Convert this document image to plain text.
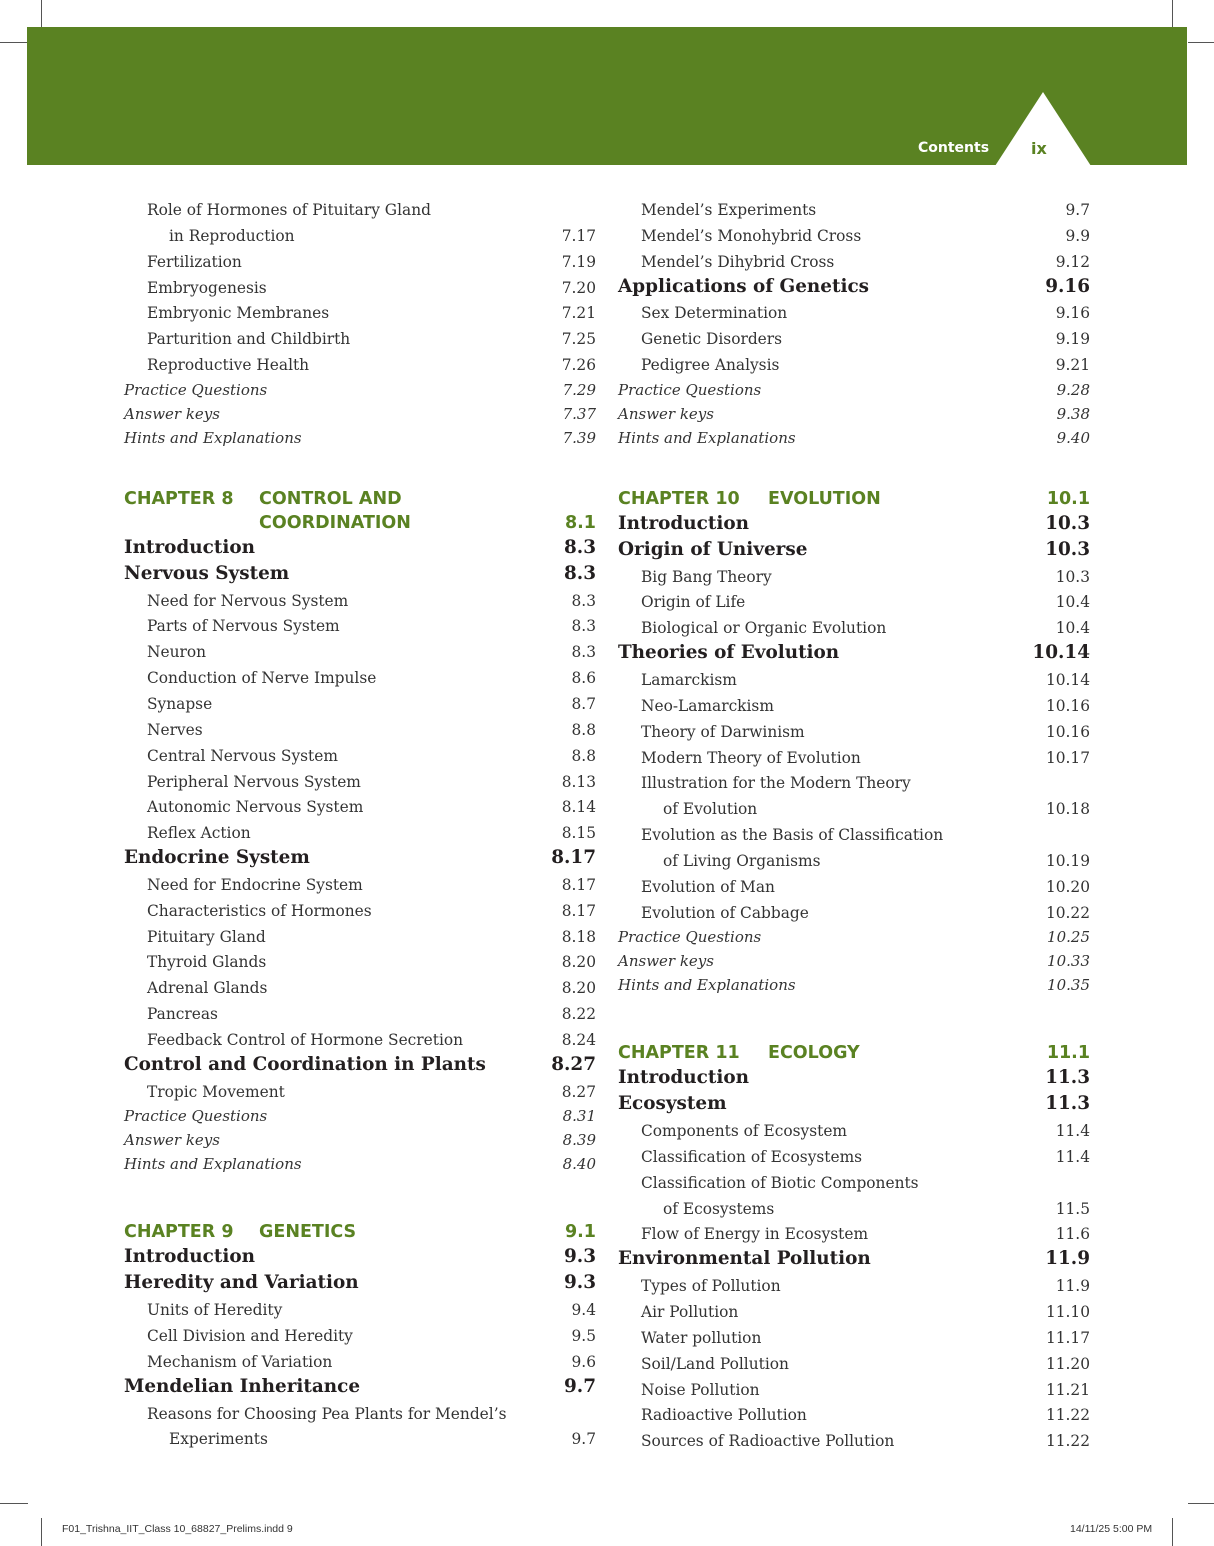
Contents	ix
Role of Hormones of Pituitary Gland
in Reproduction	7.17
Fertilization	7.19
Embryogenesis	7.20
Embryonic Membranes	7.21
Parturition and Childbirth	7.25
Reproductive Health	7.26
Practice Questions	7.29
Answer keys	7.37
Hints and Explanations	7.39
CHAPTER 8 CONTROL AND
COORDINATION	8.1
Introduction	8.3
Nervous System	8.3
Need for Nervous System	8.3
Parts of Nervous System	8.3
Neuron	8.3
Conduction of Nerve Impulse	8.6
Synapse	8.7
Nerves	8.8
Central Nervous System	8.8
Peripheral Nervous System	8.13
Autonomic Nervous System	8.14
Reflex Action	8.15
Endocrine System	8.17
Need for Endocrine System	8.17
Characteristics of Hormones	8.17
Pituitary Gland	8.18
Thyroid Glands	8.20
Adrenal Glands	8.20
Pancreas	8.22
Feedback Control of Hormone Secretion	8.24
Control and Coordination in Plants	8.27
Tropic Movement	8.27
Practice Questions	8.31
Answer keys	8.39
Hints and Explanations	8.40
CHAPTER 9 GENETICS	9.1
Introduction	9.3
Heredity and Variation	9.3
Units of Heredity	9.4
Cell Division and Heredity	9.5
Mechanism of Variation	9.6
Mendelian Inheritance	9.7
Reasons for Choosing Pea Plants for Mendel’s
Experiments	9.7
Mendel’s Experiments	9.7
Mendel’s Monohybrid Cross	9.9
Mendel’s Dihybrid Cross	9.12
Applications of Genetics	9.16
Sex Determination	9.16
Genetic Disorders	9.19
Pedigree Analysis	9.21
Practice Questions	9.28
Answer keys	9.38
Hints and Explanations	9.40
CHAPTER 10 EVOLUTION	10.1
Introduction	10.3
Origin of Universe	10.3
Big Bang Theory	10.3
Origin of Life	10.4
Biological or Organic Evolution	10.4
Theories of Evolution	10.14
Lamarckism	10.14
Neo-Lamarckism	10.16
Theory of Darwinism	10.16
Modern Theory of Evolution	10.17
Illustration for the Modern Theory
of Evolution	10.18
Evolution as the Basis of Classification
of Living Organisms	10.19
Evolution of Man	10.20
Evolution of Cabbage	10.22
Practice Questions	10.25
Answer keys	10.33
Hints and Explanations	10.35
CHAPTER 11 ECOLOGY	11.1
Introduction	11.3
Ecosystem	11.3
Components of Ecosystem	11.4
Classification of Ecosystems	11.4
Classification of Biotic Components
of Ecosystems	11.5
Flow of Energy in Ecosystem	11.6
Environmental Pollution	11.9
Types of Pollution	11.9
Air Pollution	11.10
Water pollution	11.17
Soil/Land Pollution	11.20
Noise Pollution	11.21
Radioactive Pollution	11.22
Sources of Radioactive Pollution	11.22
F01_Trishna_IIT_Class 10_68827_Prelims.indd 9	14/11/25 5:00 PM
